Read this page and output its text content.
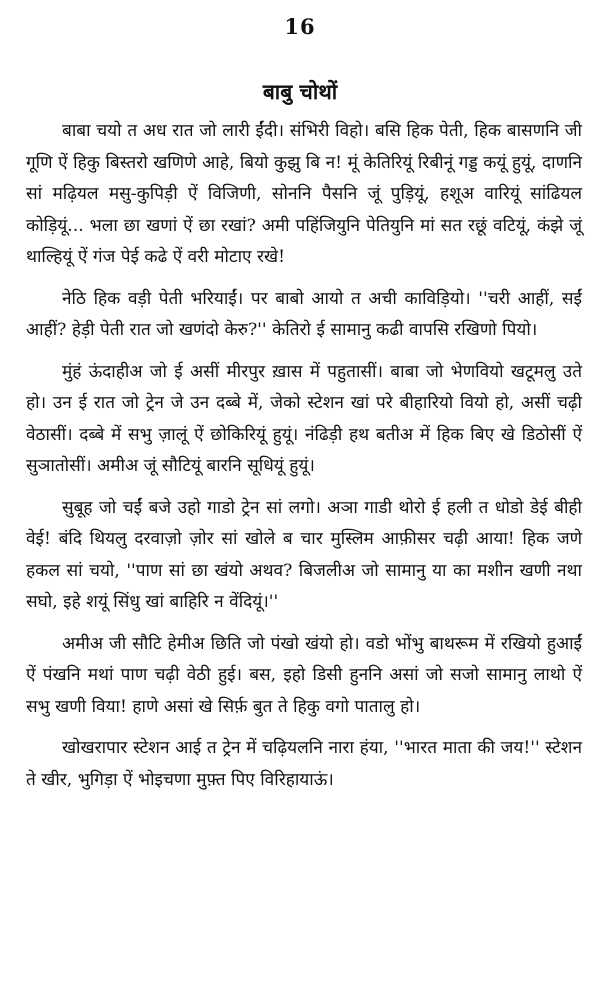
16
बाबु चोथों

बाबा चयो त अध रात जो लारी ईंदी। संभिरी विहो। बसि हिक पेती, हिक बासणनि जी गूणि ऐं हिकु बिस्तरो खणिणे आहे, बियो कुझु बि न! मूं केतिरियूं रिबीनूं गड्ड कयूं हुयूं, दाणनि सां मढ़ियल मसु-कुपिड़ी ऐं विजिणी, सोननि पैसनि जूं पुड़ियूं, हशूअ वारियूं सांढियल कोड़ियूं... भला छा खणां ऐं छा रखां? अमी पहिंजियुनि पेतियुनि मां सत रछूं वटियूं, कंझे जूं थाल्हियूं ऐं गंज पेई कढे ऐं वरी मोटाए रखे!

नेठि हिक वड़ी पेती भरियाईं। पर बाबो आयो त अची काविड़ियो। ''चरी आहीं, सईं आहीं? हेड़ी पेती रात जो खणंदो केरु?'' केतिरो ई सामानु कढी वापसि रखिणो पियो।

मुंहं ऊंदाहीअ जो ई असीं मीरपुर ख़ास में पहुतासीं। बाबा जो भेणवियो खटूमलु उते हो। उन ई रात जो ट्रेन जे उन दब्बे में, जेको स्टेशन खां परे बीहारियो वियो हो, असीं चढ़ी वेठासीं। दब्बे में सभु ज़ालूं ऐं छोकिरियूं हुयूं। नंढिड़ी हथ बतीअ में हिक बिए खे डिठोसीं ऐं सुञातोसीं। अमीअ जूं सौटियूं बारनि सूधियूं हुयूं।

सुबूह जो चईं बजे उहो गाडो ट्रेन सां लगो। अञा गाडी थोरो ई हली त धोडो डेई बीही वेई! बंदि थियलु दरवाज़ो ज़ोर सां खोले ब चार मुस्लिम आफ़ीसर चढ़ी आया! हिक जणे हकल सां चयो, ''पाण सां छा खंयो अथव? बिजलीअ जो सामानु या का मशीन खणी नथा सघो, इहे शयूं सिंधु खां बाहिरि न वेंदियूं।''

अमीअ जी सौटि हेमीअ छिति जो पंखो खंयो हो। वडो भोंभु बाथरूम में रखियो हुआईं ऐं पंखनि मथां पाण चढ़ी वेठी हुई। बस, इहो डिसी हुननि असां जो सजो सामानु लाथो ऐं सभु खणी विया! हाणे असां खे सिर्फ़ बुत ते हिकु वगो पातालु हो।

खोखरापार स्टेशन आई त ट्रेन में चढ़ियलनि नारा हंया, ''भारत माता की जय!'' स्टेशन ते खीर, भुगिड़ा ऐं भोइचणा मुफ़्त पिए विरिहायाऊं।
